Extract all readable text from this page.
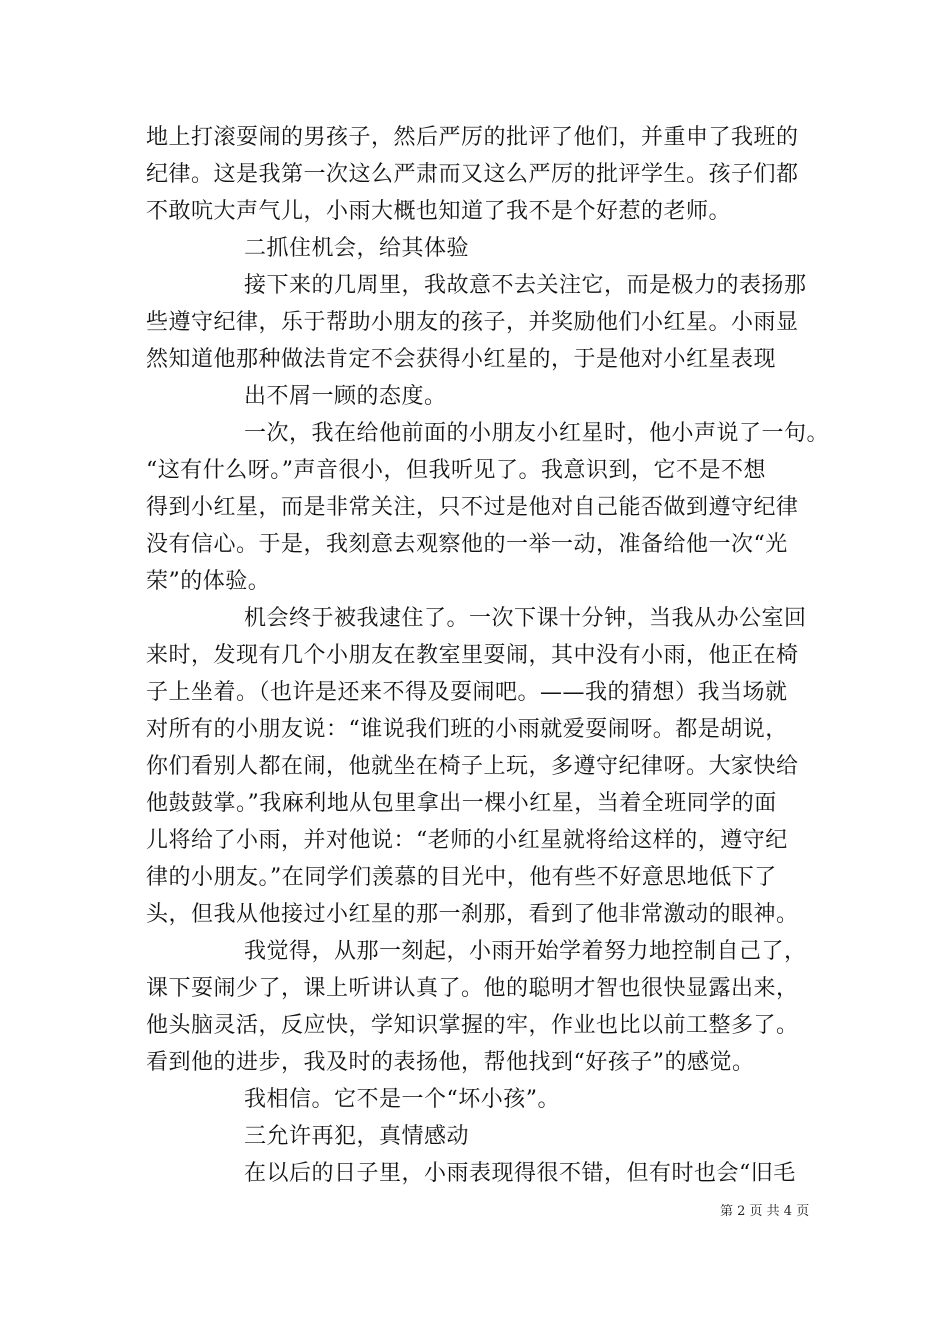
地上打滚耍闹的男孩子，然后严厉的批评了他们，并重申了我班的
纪律。这是我第一次这么严肃而又这么严厉的批评学生。孩子们都
不敢吭大声气儿，小雨大概也知道了我不是个好惹的老师。
二抓住机会，给其体验
接下来的几周里，我故意不去关注它，而是极力的表扬那
些遵守纪律，乐于帮助小朋友的孩子，并奖励他们小红星。小雨显
然知道他那种做法肯定不会获得小红星的，于是他对小红星表现
出不屑一顾的态度。
一次，我在给他前面的小朋友小红星时，他小声说了一句。
“这有什么呀。”声音很小，但我听见了。我意识到，它不是不想
得到小红星，而是非常关注，只不过是他对自己能否做到遵守纪律
没有信心。于是，我刻意去观察他的一举一动，准备给他一次“光
荣”的体验。
机会终于被我逮住了。一次下课十分钟，当我从办公室回
来时，发现有几个小朋友在教室里耍闹，其中没有小雨，他正在椅
子上坐着。（也许是还来不得及耍闹吧。——我的猜想）我当场就
对所有的小朋友说：“谁说我们班的小雨就爱耍闹呀。都是胡说，
你们看别人都在闹，他就坐在椅子上玩，多遵守纪律呀。大家快给
他鼓鼓掌。”我麻利地从包里拿出一棵小红星，当着全班同学的面
儿将给了小雨，并对他说：“老师的小红星就将给这样的，遵守纪
律的小朋友。”在同学们羡慕的目光中，他有些不好意思地低下了
头，但我从他接过小红星的那一刹那，看到了他非常激动的眼神。
我觉得，从那一刻起，小雨开始学着努力地控制自己了，
课下耍闹少了，课上听讲认真了。他的聪明才智也很快显露出来，
他头脑灵活，反应快，学知识掌握的牢，作业也比以前工整多了。
看到他的进步，我及时的表扬他，帮他找到“好孩子”的感觉。
我相信。它不是一个“坏小孩”。
三允许再犯，真情感动
在以后的日子里，小雨表现得很不错，但有时也会“旧毛
第 2 页 共 4 页
